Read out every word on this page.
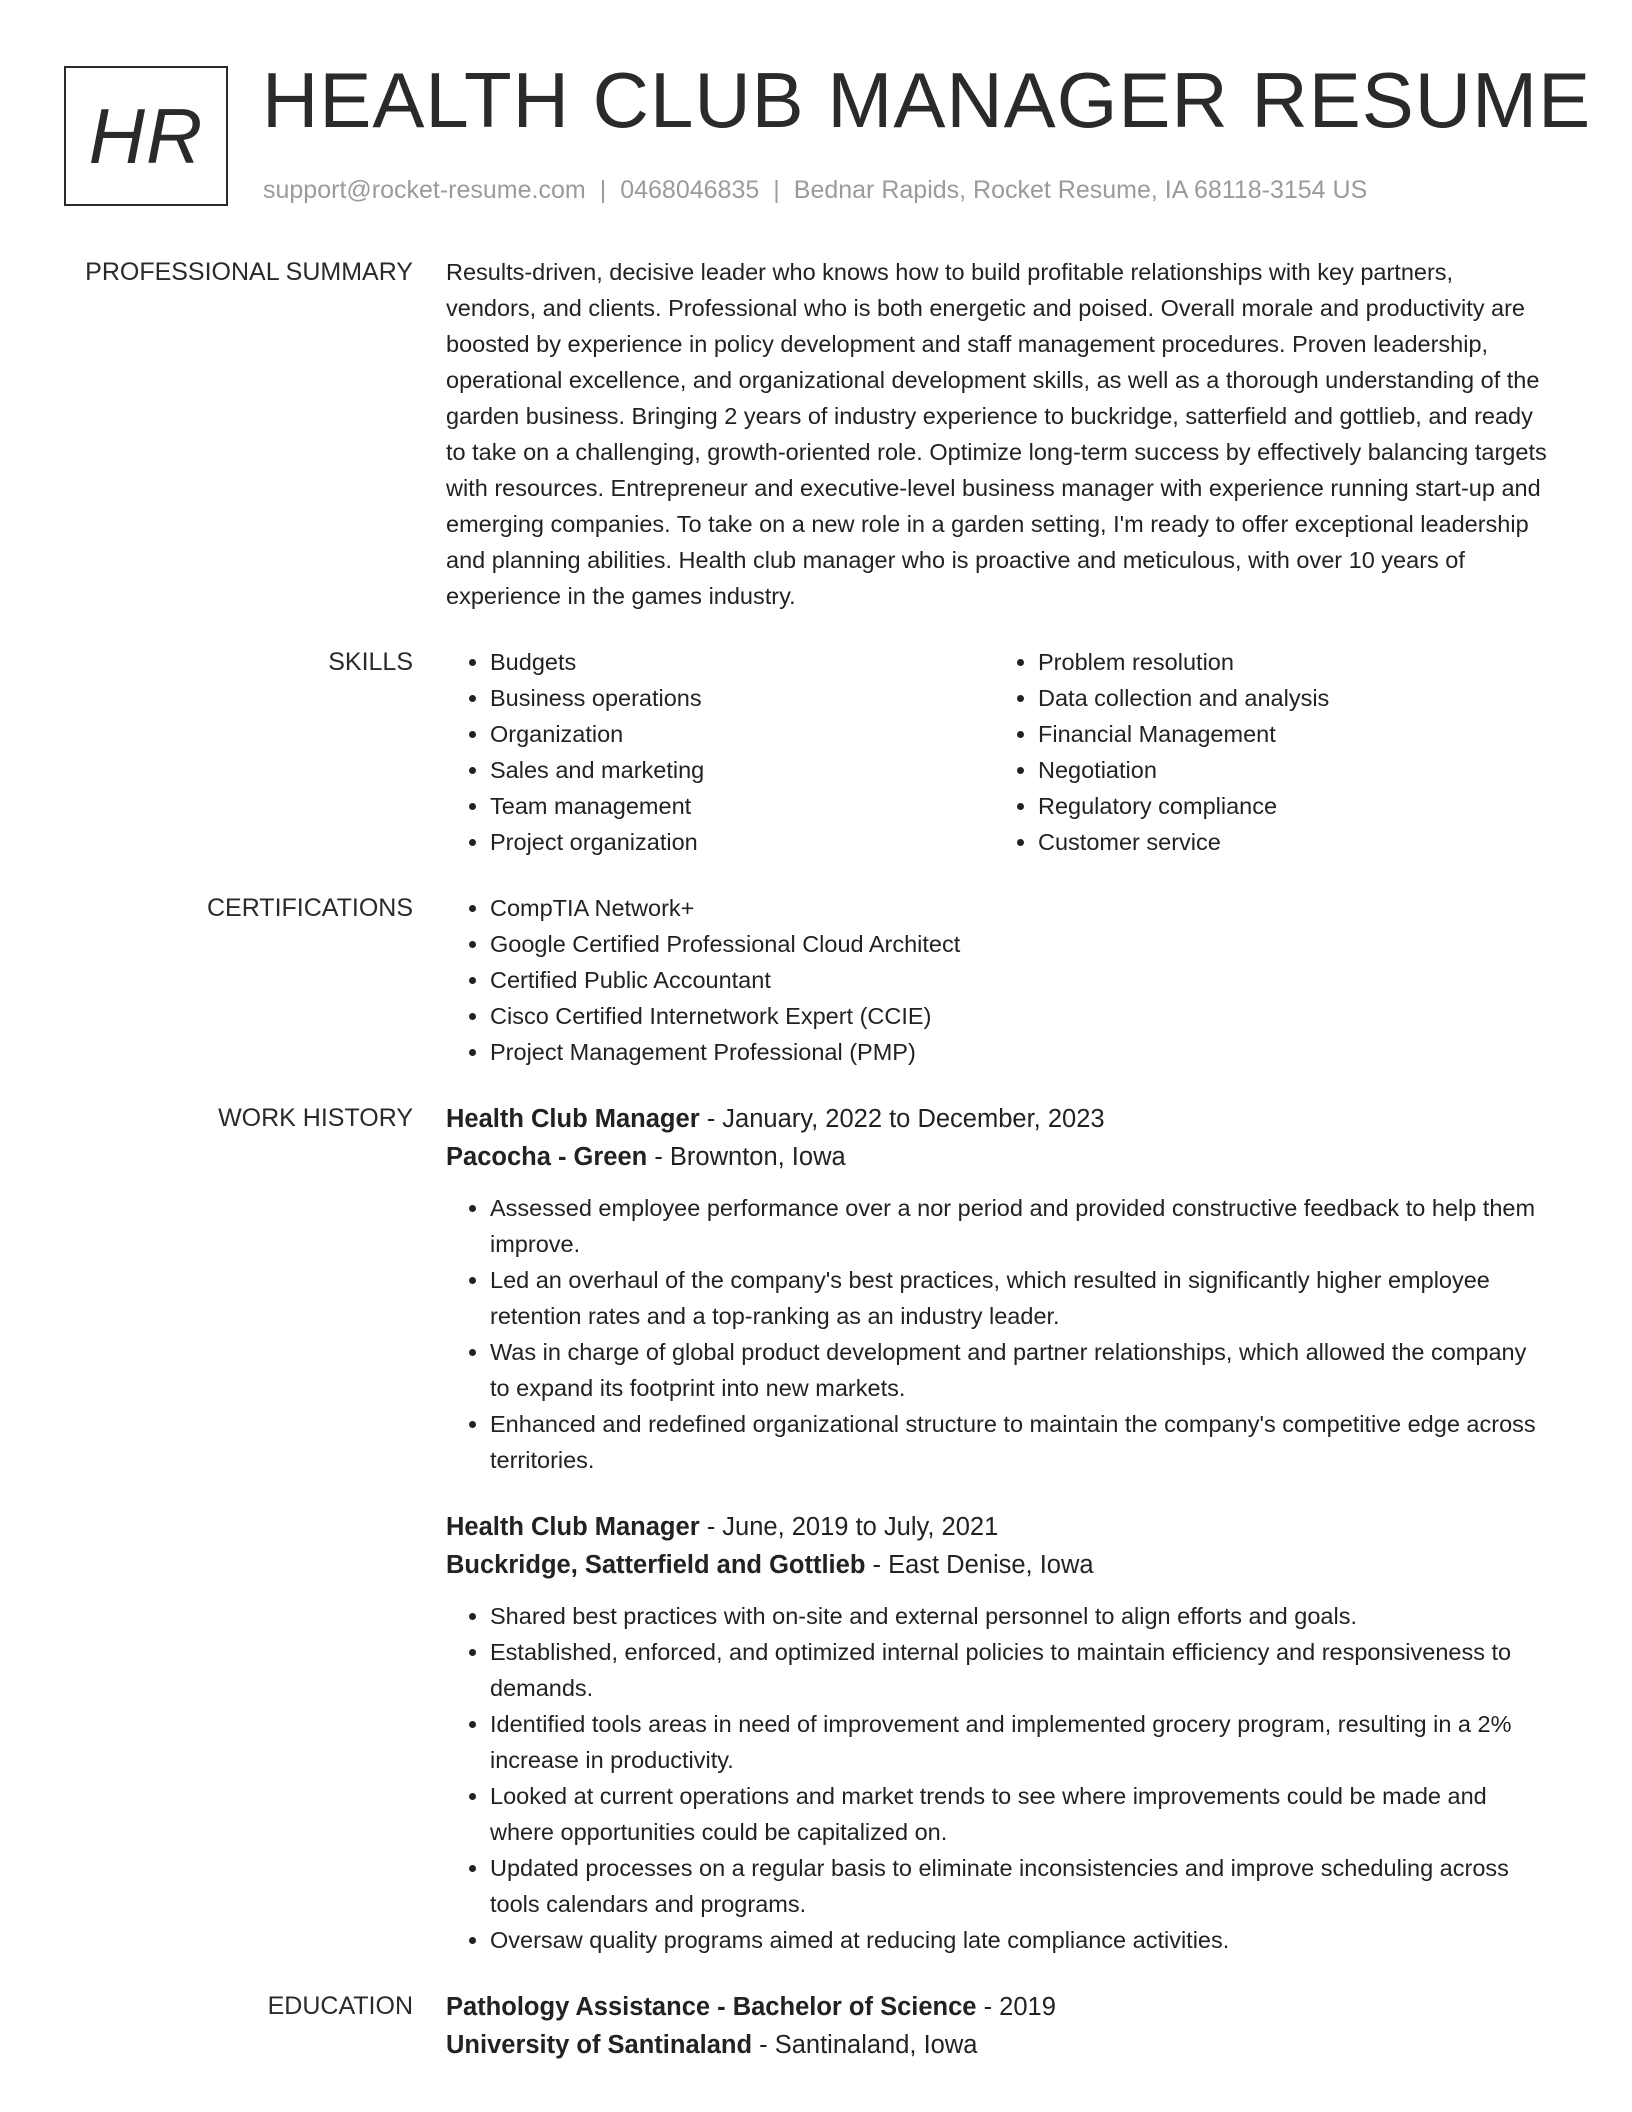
HR HEALTH CLUB MANAGER RESUME
support@rocket-resume.com | 0468046835 | Bednar Rapids, Rocket Resume, IA 68118-3154 US
PROFESSIONAL SUMMARY Results-driven, decisive leader who knows how to build profitable relationships with key partners, vendors, and clients. Professional who is both energetic and poised. Overall morale and productivity are boosted by experience in policy development and staff management procedures. Proven leadership, operational excellence, and organizational development skills, as well as a thorough understanding of the garden business. Bringing 2 years of industry experience to buckridge, satterfield and gottlieb, and ready to take on a challenging, growth-oriented role. Optimize long-term success by effectively balancing targets with resources. Entrepreneur and executive-level business manager with experience running start-up and emerging companies. To take on a new role in a garden setting, I'm ready to offer exceptional leadership and planning abilities. Health club manager who is proactive and meticulous, with over 10 years of experience in the games industry.

SKILLS	• Budgets
• Business operations
• Organization
• Sales and marketing
• Team management
• Project organization
• Problem resolution
• Data collection and analysis
• Financial Management
• Negotiation
• Regulatory compliance
• Customer service
CERTIFICATIONS	• CompTIA Network+
• Google Certified Professional Cloud Architect
• Certified Public Accountant
• Cisco Certified Internetwork Expert (CCIE)
• Project Management Professional (PMP)
WORK HISTORY Health Club Manager - January, 2022 to December, 2023
Pacocha - Green - Brownton, Iowa
• Assessed employee performance over a nor period and provided constructive feedback to help them improve.
• Led an overhaul of the company's best practices, which resulted in significantly higher employee retention rates and a top-ranking as an industry leader.
• Was in charge of global product development and partner relationships, which allowed the company to expand its footprint into new markets.
• Enhanced and redefined organizational structure to maintain the company's competitive edge across territories.
Health Club Manager - June, 2019 to July, 2021
Buckridge, Satterfield and Gottlieb - East Denise, Iowa
• Shared best practices with on-site and external personnel to align efforts and goals.
• Established, enforced, and optimized internal policies to maintain efficiency and responsiveness to demands.
• Identified tools areas in need of improvement and implemented grocery program, resulting in a 2% increase in productivity.
• Looked at current operations and market trends to see where improvements could be made and where opportunities could be capitalized on.
• Updated processes on a regular basis to eliminate inconsistencies and improve scheduling across tools calendars and programs.
• Oversaw quality programs aimed at reducing late compliance activities.
EDUCATION Pathology Assistance - Bachelor of Science - 2019
University of Santinaland - Santinaland, Iowa
